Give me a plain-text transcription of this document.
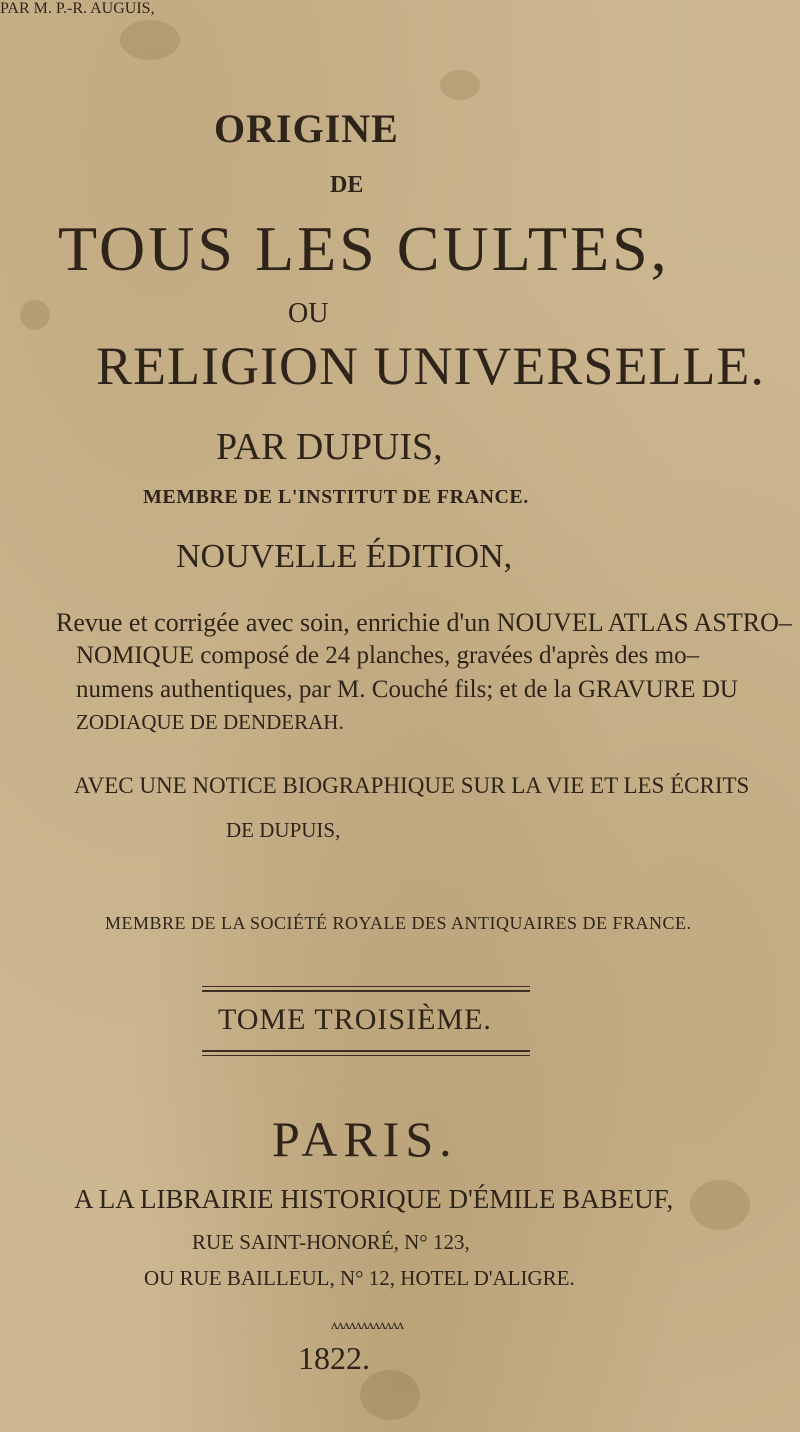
ORIGINE
DE
TOUS LES CULTES,
OU
RELIGION UNIVERSELLE.
PAR DUPUIS,
MEMBRE DE L'INSTITUT DE FRANCE.
NOUVELLE ÉDITION,
Revue et corrigée avec soin, enrichie d'un NOUVEL ATLAS ASTRO–
NOMIQUE composé de 24 planches, gravées d'après des mo–
numens authentiques, par M. Couché fils; et de la GRAVURE DU
ZODIAQUE DE DENDERAH.
AVEC UNE NOTICE BIOGRAPHIQUE SUR LA VIE ET LES ÉCRITS
DE DUPUIS,
PAR M. P.-R. AUGUIS,
MEMBRE DE LA SOCIÉTÉ ROYALE DES ANTIQUAIRES DE FRANCE.
TOME TROISIÈME.
PARIS.
A LA LIBRAIRIE HISTORIQUE D'ÉMILE BABEUF,
RUE SAINT-HONORÉ, N° 123,
OU RUE BAILLEUL, N° 12, HOTEL D'ALIGRE.
ʌʌʌʌʌʌʌʌʌʌʌʌ
1822.
